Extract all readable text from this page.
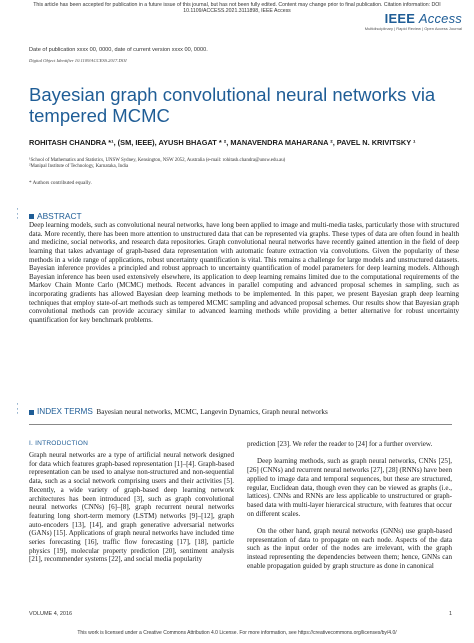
This article has been accepted for publication in a future issue of this journal, but has not been fully edited. Content may change prior to final publication. Citation information: DOI
10.1109/ACCESS.2021.3111898, IEEE Access	IEEE Access
Multidisciplinary | Rapid Review | Open Access Journal
Date of publication xxxx 00, 0000, date of current version xxxx 00, 0000.
Digital Object Identifier 10.1109/ACCESS.2017.DOI
Bayesian graph convolutional neural networks via tempered MCMC
ROHITASH CHANDRA *¹, (SM, IEEE), AYUSH BHAGAT * ², MANAVENDRA MAHARANA ², PAVEL N. KRIVITSKY ¹
¹School of Mathematics and Statistics, UNSW Sydney, Kensington, NSW 2052, Australia (e-mail: rohitash.chandra@unsw.edu.au)
²Manipal Institute of Technology, Karnataka, India
* Authors contributed equally.
▪
▪
▪	ABSTRACT

Deep learning models, such as convolutional neural networks, have long been applied to image and multi-media tasks, particularly those with structured data. More recently, there has been more attention to unstructured data that can be represented via graphs. These types of data are often found in health and medicine, social networks, and research data repositories. Graph convolutional neural networks have recently gained attention in the field of deep learning that takes advantage of graph-based data representation with automatic feature extraction via convolutions. Given the popularity of these methods in a wide range of applications, robust uncertainty quantification is vital. This remains a challenge for large models and unstructured datasets. Bayesian inference provides a principled and robust approach to uncertainty quantification of model parameters for deep learning models. Although Bayesian inference has been used extensively elsewhere, its application to deep learning remains limited due to the computational requirements of the Markov Chain Monte Carlo (MCMC) methods. Recent advances in parallel computing and advanced proposal schemes in sampling, such as incorporating gradients has allowed Bayesian deep learning methods to be implemented. In this paper, we present Bayesian graph deep learning techniques that employ state-of-art methods such as tempered MCMC sampling and advanced proposal schemes. Our results show that Bayesian graph convolutional methods can provide accuracy similar to advanced learning methods while providing a better alternative for robust uncertainty quantification for key benchmark problems.

▪
▪
▪	INDEX TERMS Bayesian neural networks, MCMC, Langevin Dynamics, Graph neural networks
I. INTRODUCTION

Graph neural networks are a type of artificial neural network designed for data which features graph-based representation [1]–[4]. Graph-based representation can be used to analyse non-structured and non-sequential data, such as a social network comprising users and their activities [5]. Recently, a wide variety of graph-based deep learning network architectures has been introduced [3], such as graph convolutional neural networks (CNNs) [6]–[8], graph recurrent neural networks featuring long short-term memory (LSTM) networks [9]–[12], graph auto-encoders [13], [14], and graph generative adversarial networks (GANs) [15]. Applications of graph neural networks have included time series forecasting [16], traffic flow forecasting [17], [18], particle physics [19], molecular property prediction [20], sentiment analysis [21], recommender systems [22], and social media popularity

prediction [23]. We refer the reader to [24] for a further overview.

Deep learning methods, such as graph neural networks, CNNs [25], [26] (CNNs) and recurrent neural networks [27], [28] (RNNs) have been applied to image data and temporal sequences, but these are structured, regular, Euclidean data, though even they can be viewed as graphs (i.e., lattices). CNNs and RNNs are less applicable to unstructured or graph-based data with multi-layer hierarcical structure, with features that occur on different scales.

On the other hand, graph neural networks (GNNs) use graph-based representation of data to propagate on each node. Aspects of the data such as the input order of the nodes are irrelevant, with the graph instead representing the dependencies between them; hence, GNNs can enable propagation guided by graph structure as done in canonical

VOLUME 4, 2016	1
This work is licensed under a Creative Commons Attribution 4.0 License. For more information, see https://creativecommons.org/licenses/by/4.0/
